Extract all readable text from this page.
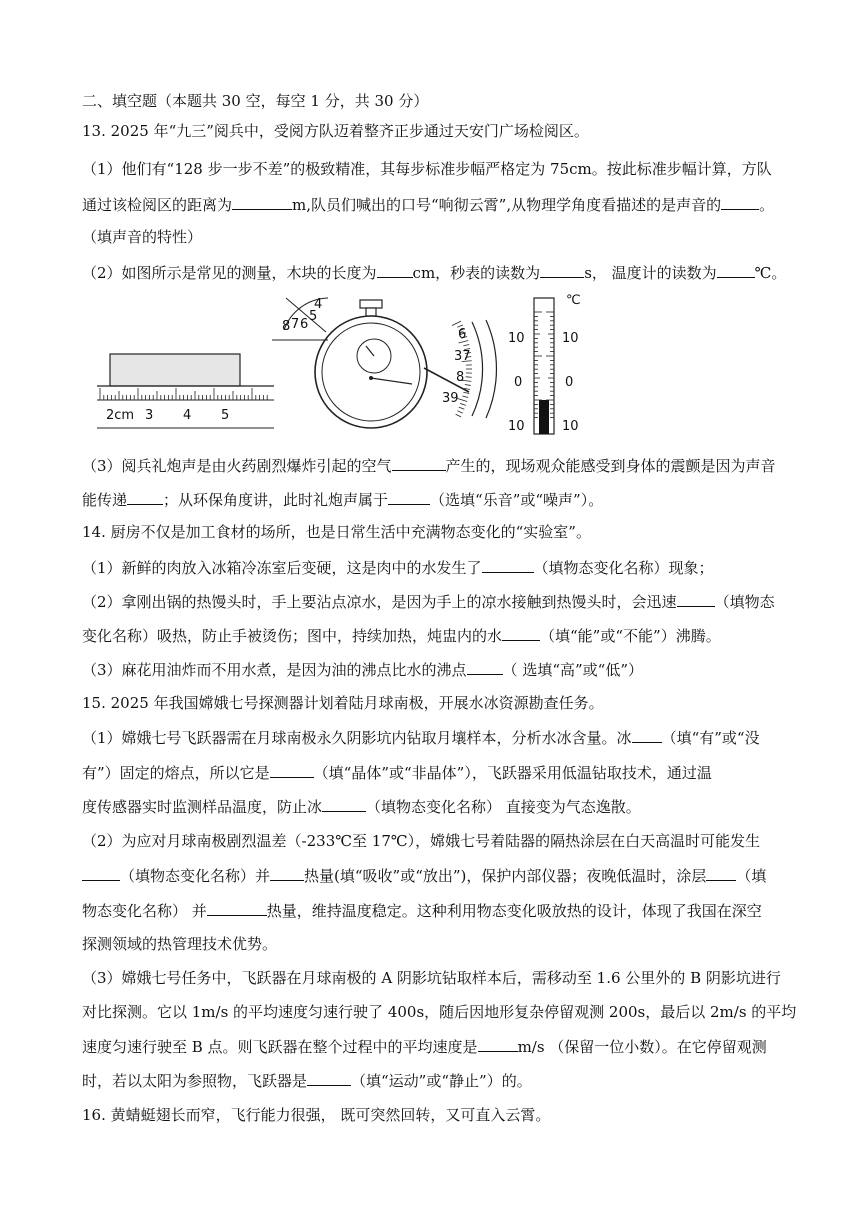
二、填空题（本题共 30 空，每空 1 分，共 30 分）
13. 2025 年“九三”阅兵中，受阅方队迈着整齐正步通过天安门广场检阅区。
（1）他们有“128 步一步不差”的极致精准，其每步标准步幅严格定为 75cm。按此标准步幅计算，方队
通过该检阅区的距离为	m,队员们喊出的口号“响彻云霄”,从物理学角度看描述的是声音的	。
（填声音的特性）
（2）如图所示是常见的测量，木块的长度为 cm，秒表的读数为	s， 温度计的读数为	℃。
2cm 3 4 5
8 7 6
5
4
6
37
8
39
℃
10
0
10
10
0
10
（3）阅兵礼炮声是由火药剧烈爆炸引起的空气	产生的，现场观众能感受到身体的震颤是因为声音
能传递 ；从环保角度讲，此时礼炮声属于	（选填“乐音”或“噪声”）。
14. 厨房不仅是加工食材的场所，也是日常生活中充满物态变化的“实验室”。
（1）新鲜的肉放入冰箱冷冻室后变硬，这是肉中的水发生了	（填物态变化名称）现象；
（2）拿刚出锅的热馒头时，手上要沾点凉水，是因为手上的凉水接触到热馒头时，会迅速	（填物态
变化名称）吸热，防止手被烫伤；图中，持续加热，炖盅内的水	（填“能”或“不能”）沸腾。
（3）麻花用油炸而不用水煮，是因为油的沸点比水的沸点 （ 选填“高”或“低”）
15. 2025 年我国嫦娥七号探测器计划着陆月球南极，开展水冰资源勘查任务。
（1）嫦娥七号飞跃器需在月球南极永久阴影坑内钻取月壤样本，分析水冰含量。冰 （填“有”或“没
有”）固定的熔点，所以它是	（填“晶体”或“非晶体”），飞跃器采用低温钻取技术，通过温
度传感器实时监测样品温度，防止冰	（填物态变化名称） 直接变为气态逸散。
（2）为应对月球南极剧烈温差（-233℃至 17℃），嫦娥七号着陆器的隔热涂层在白天高温时可能发生
（填物态变化名称）并 热量(填“吸收”或“放出”)，保护内部仪器；夜晚低温时，涂层 （填
物态变化名称） 并	热量，维持温度稳定。这种利用物态变化吸放热的设计，体现了我国在深空
探测领域的热管理技术优势。
（3）嫦娥七号任务中，飞跃器在月球南极的 A 阴影坑钻取样本后，需移动至 1.6 公里外的 B 阴影坑进行
对比探测。它以 1m/s 的平均速度匀速行驶了 400s，随后因地形复杂停留观测 200s，最后以 2m/s 的平均
速度匀速行驶至 B 点。则飞跃器在整个过程中的平均速度是	m/s （保留一位小数）。在它停留观测
时，若以太阳为参照物，飞跃器是	（填“运动”或“静止”）的。
16. 黄蜻蜓翅长而窄，飞行能力很强， 既可突然回转，又可直入云霄。
